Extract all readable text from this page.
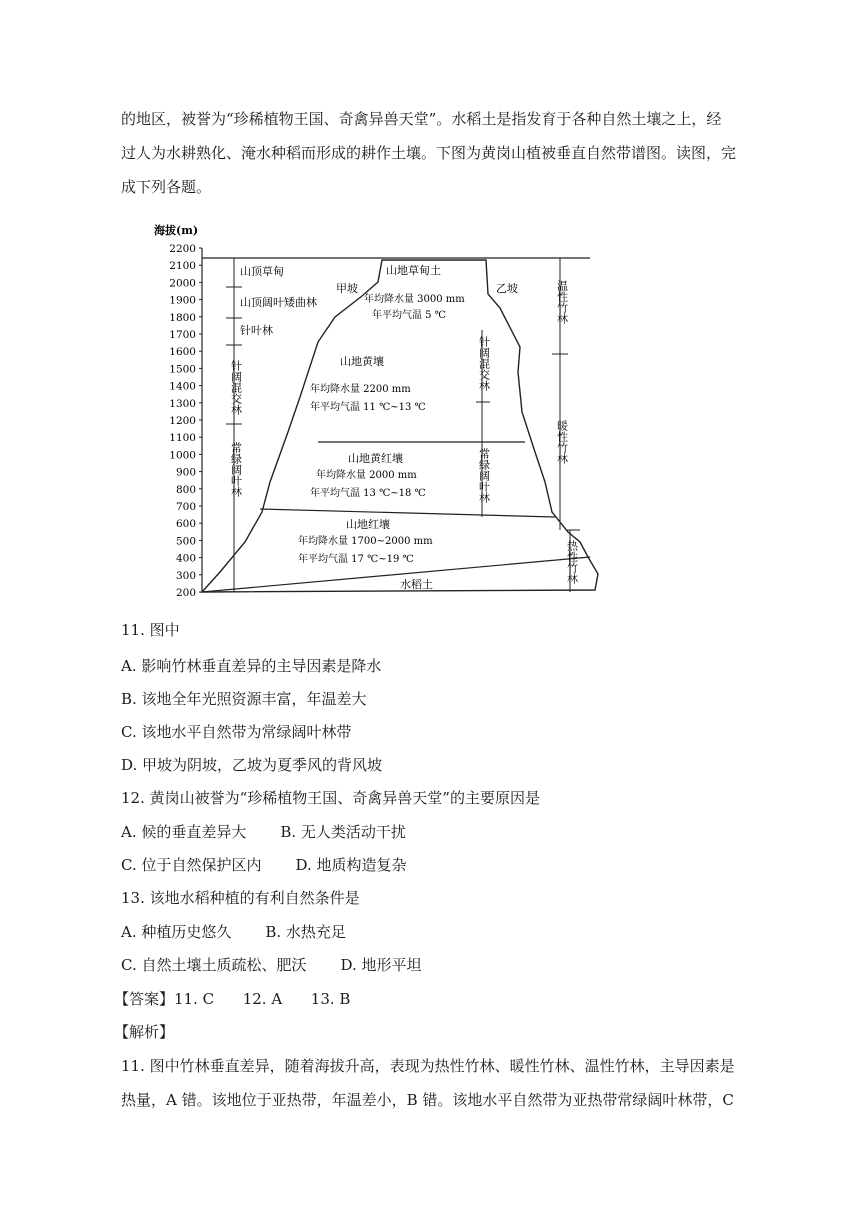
的地区，被誉为“珍稀植物王国、奇禽异兽天堂”。水稻土是指发育于各种自然土壤之上，经
过人为水耕熟化、淹水种稻而形成的耕作土壤。下图为黄岗山植被垂直自然带谱图。读图，完
成下列各题。
海拔(m)
2200
2100
2000
1900
1800
1700
1600
1500
1400
1300
1200
1100
1000
900
800
700
600
500
400
300
200
山顶草甸
山顶阔叶矮曲林
针叶林
针阔混交林
常绿阔叶林
甲坡	乙坡
山地草甸土
年均降水量 3000 mm
年平均气温 5 ℃
山地黄壤
年均降水量 2200 mm
年平均气温 11 ℃~13 ℃
山地黄红壤
年均降水量 2000 mm
年平均气温 13 ℃~18 ℃
山地红壤
年均降水量 1700~2000 mm
年平均气温 17 ℃~19 ℃
水稻土
针阔混交林
常绿阔叶林
温性竹林
暖性竹林
热性竹林
11. 图中
A. 影响竹林垂直差异的主导因素是降水
B. 该地全年光照资源丰富，年温差大
C. 该地水平自然带为常绿阔叶林带
D. 甲坡为阴坡，乙坡为夏季风的背风坡
12. 黄岗山被誉为“珍稀植物王国、奇禽异兽天堂”的主要原因是
A. 候的垂直差异大 B. 无人类活动干扰
C. 位于自然保护区内 D. 地质构造复杂
13. 该地水稻种植的有利自然条件是
A. 种植历史悠久 B. 水热充足
C. 自然土壤土质疏松、肥沃 D. 地形平坦
【答案】11. C      12. A      13. B
【解析】
11. 图中竹林垂直差异，随着海拔升高，表现为热性竹林、暖性竹林、温性竹林，主导因素是
热量，A 错。该地位于亚热带，年温差小，B 错。该地水平自然带为亚热带常绿阔叶林带，C
